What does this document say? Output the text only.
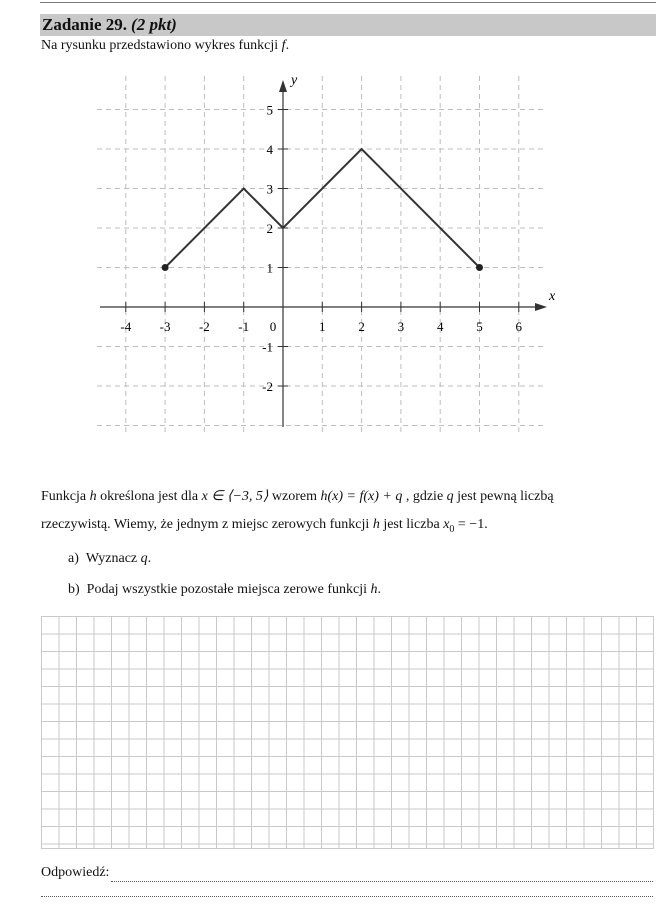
Zadanie 29. (2 pkt)
Na rysunku przedstawiono wykres funkcji f.
x
y
-4 -3 -2 -1 0	1	2	3	4	5	6
5
4
3
2
1
-1
-2
Funkcja h określona jest dla x ∈ ⟨−3, 5⟩ wzorem h(x) = f(x) + q , gdzie q jest pewną liczbą
rzeczywistą. Wiemy, że jednym z miejsc zerowych funkcji h jest liczba $x_0 = -1$.
a) Wyznacz q.
b) Podaj wszystkie pozostałe miejsca zerowe funkcji h.
Odpowiedź:
